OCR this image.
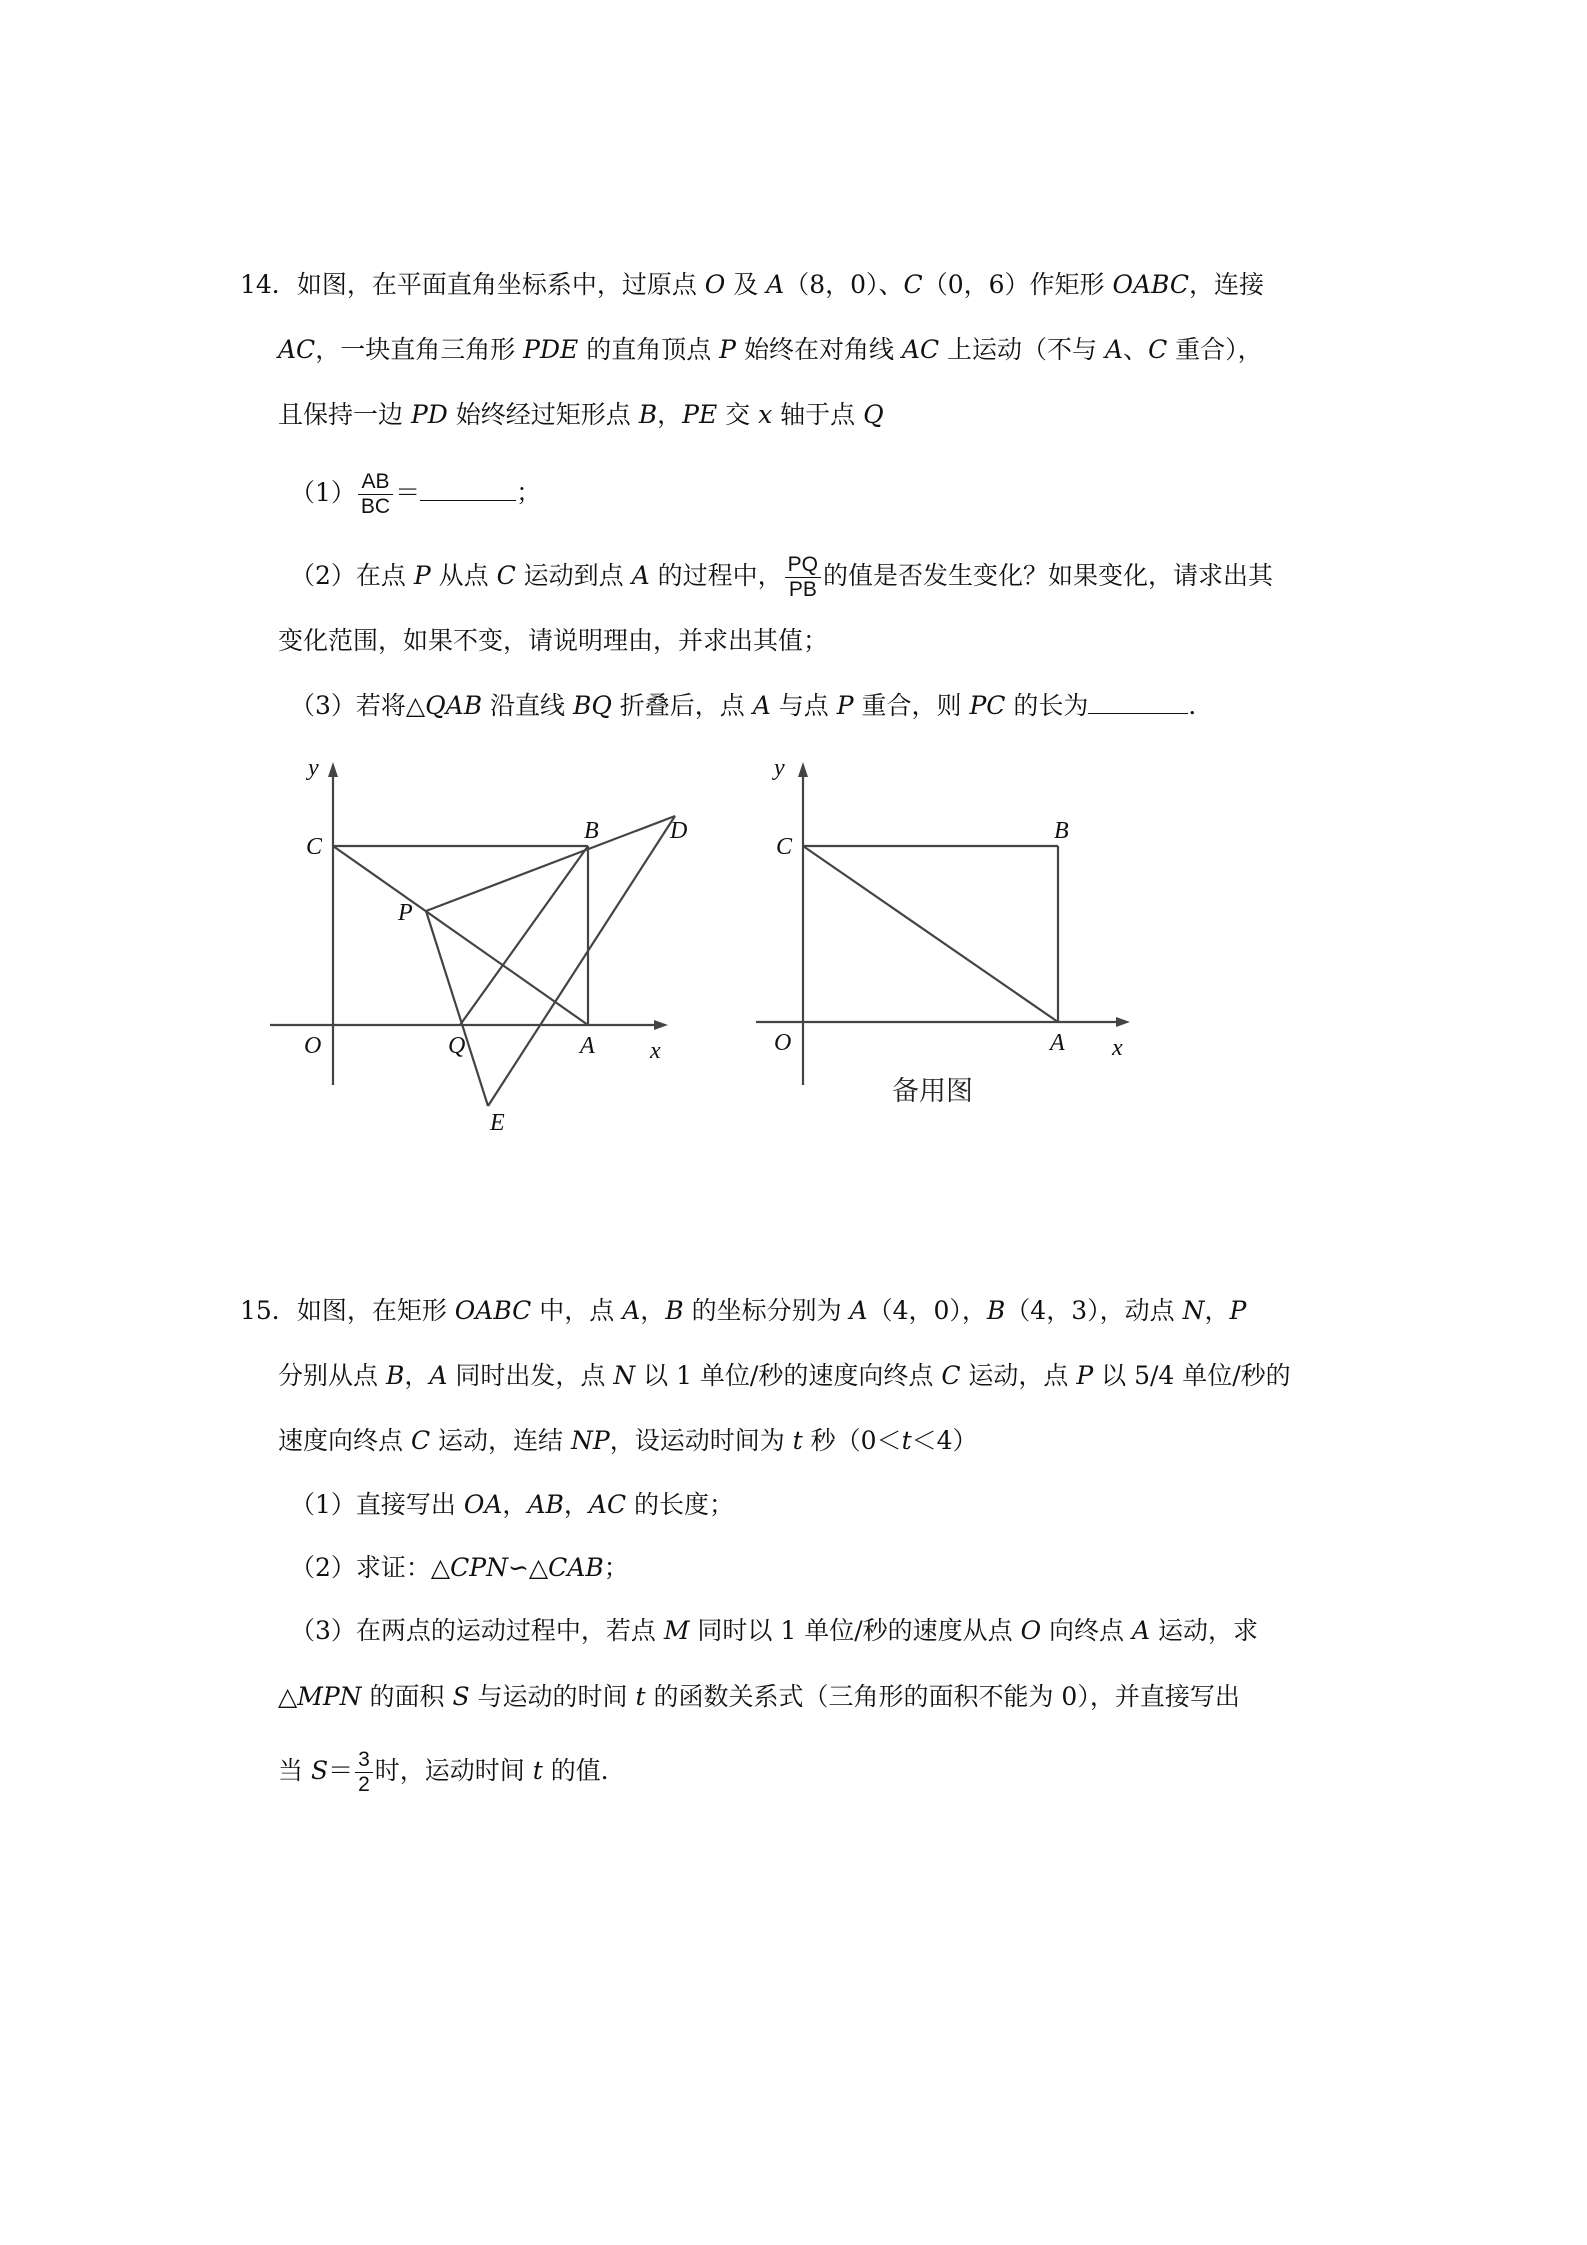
14．如图，在平面直角坐标系中，过原点 O 及 A（8，0）、C（0，6）作矩形 OABC，连接
AC，一块直角三角形 PDE 的直角顶点 P 始终在对角线 AC 上运动（不与 A、C 重合），
且保持一边 PD 始终经过矩形点 B，PE 交 x 轴于点 Q
$(1) \frac{AB}{BC}$ ＝	；
（2）在点 P 从点 C 运动到点 A 的过程中， $\frac{PQ}{PB}$ 的值是否发生变化？如果变化，请求出其
变化范围，如果不变，请说明理由，并求出其值；
（3）若将△QAB 沿直线 BQ 折叠后，点 A 与点 P 重合，则 PC 的长为	．
y
x
O
C
B	D
P
Q	A
E
y
x
O
C
B
A
备用图
15．如图，在矩形 OABC 中，点 A，B 的坐标分别为 A（4，0），B（4，3），动点 N，P
分别从点 B，A 同时出发，点 N 以 1 单位/秒的速度向终点 C 运动，点 P 以 5/4 单位/秒的
速度向终点 C 运动，连结 NP，设运动时间为 t 秒（0＜t＜4）
（1）直接写出 OA，AB，AC 的长度；
（2）求证：△CPN∽△CAB；
（3）在两点的运动过程中，若点 M 同时以 1 单位/秒的速度从点 O 向终点 A 运动，求
△MPN 的面积 S 与运动的时间 t 的函数关系式（三角形的面积不能为 0），并直接写出
当 $S= \frac{3}{2}$ 时，运动时间 t 的值．
